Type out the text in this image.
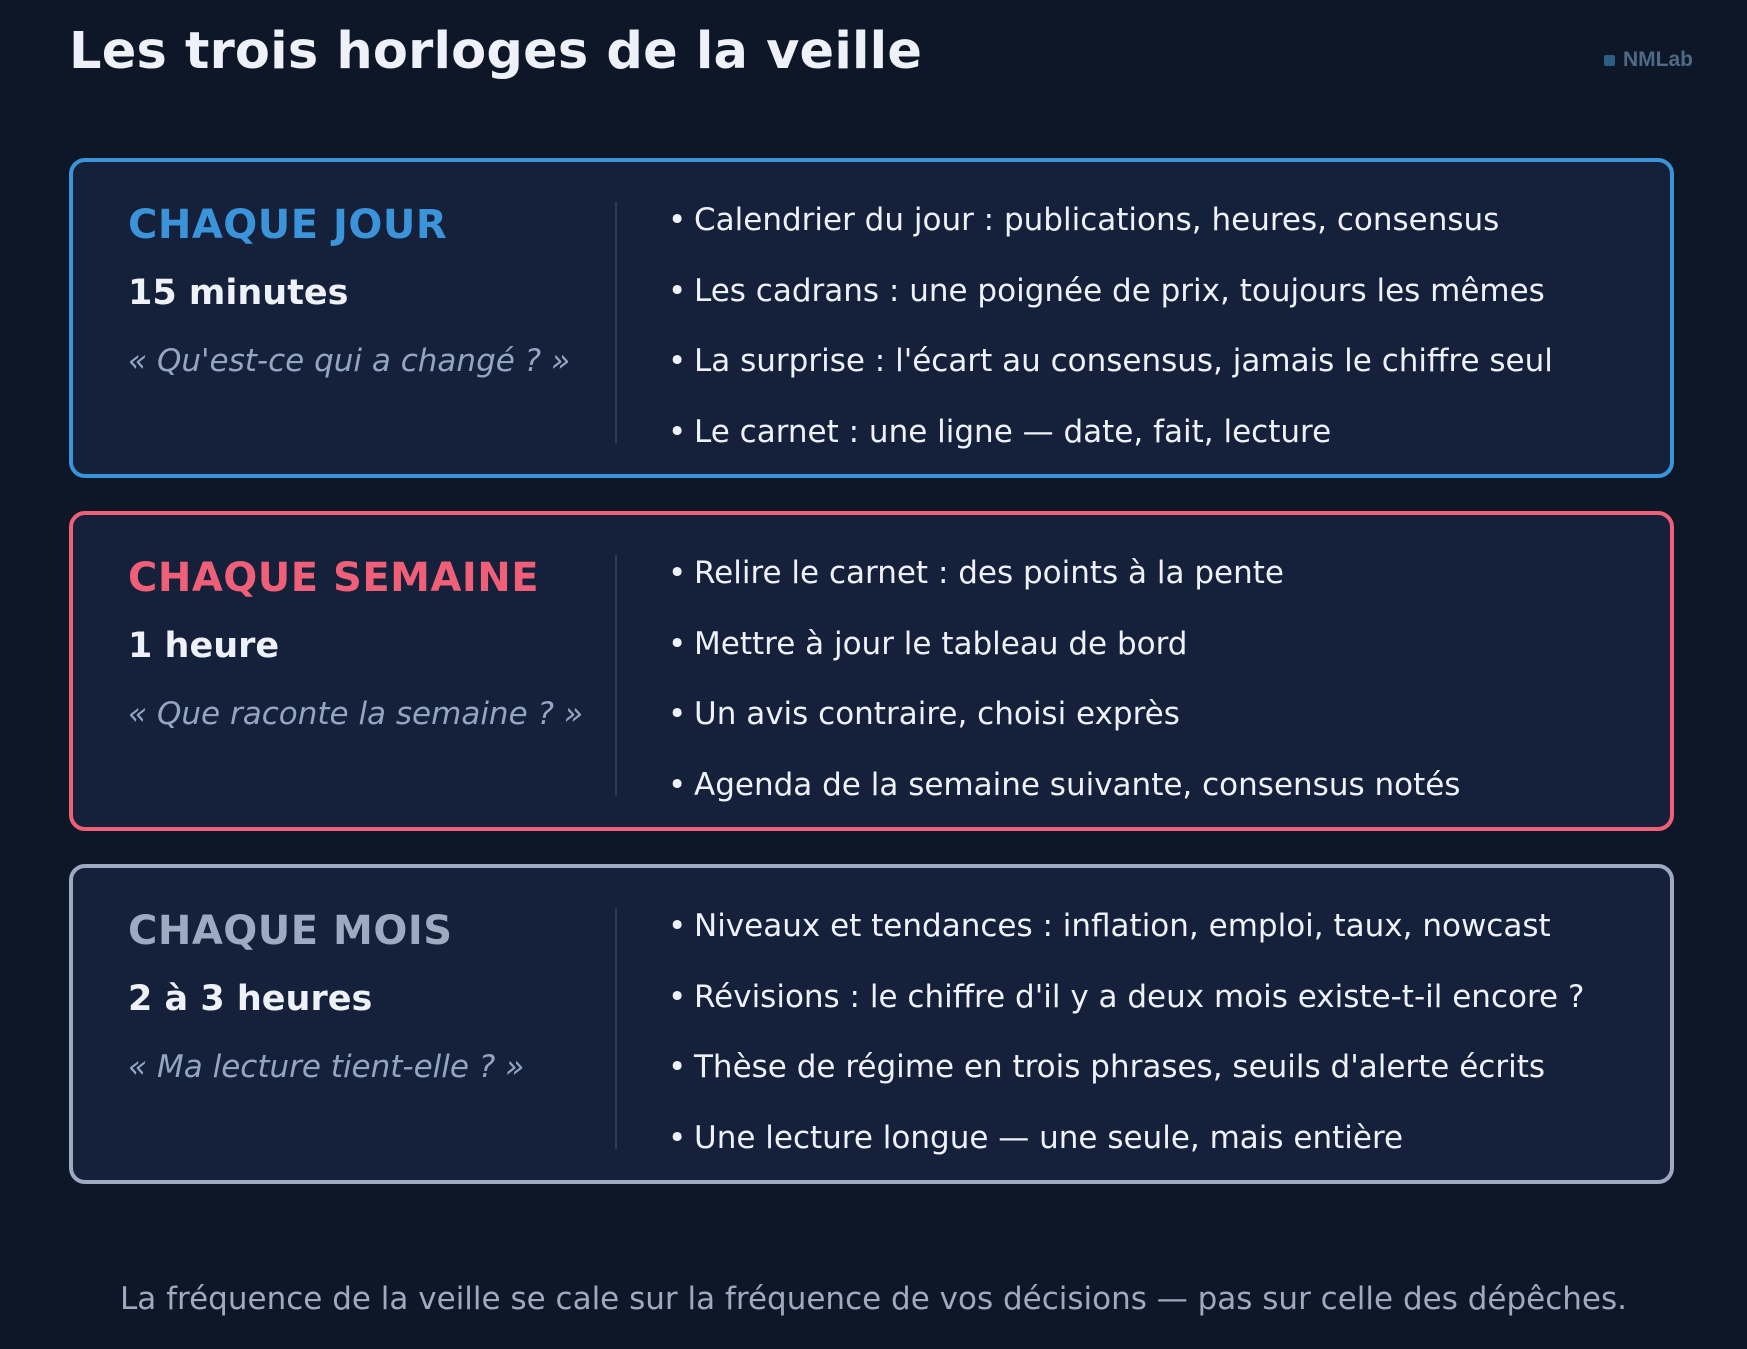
Les trois horloges de la veille	NMLab
CHAQUE JOUR
15 minutes
« Qu'est-ce qui a changé ? »
• Calendrier du jour : publications, heures, consensus
• Les cadrans : une poignée de prix, toujours les mêmes
• La surprise : l'écart au consensus, jamais le chiffre seul
• Le carnet : une ligne — date, fait, lecture
CHAQUE SEMAINE
1 heure
« Que raconte la semaine ? »
• Relire le carnet : des points à la pente
• Mettre à jour le tableau de bord
• Un avis contraire, choisi exprès
• Agenda de la semaine suivante, consensus notés
CHAQUE MOIS
2 à 3 heures
« Ma lecture tient-elle ? »
• Niveaux et tendances : inflation, emploi, taux, nowcast
• Révisions : le chiffre d'il y a deux mois existe-t-il encore ?
• Thèse de régime en trois phrases, seuils d'alerte écrits
• Une lecture longue — une seule, mais entière
La fréquence de la veille se cale sur la fréquence de vos décisions — pas sur celle des dépêches.
